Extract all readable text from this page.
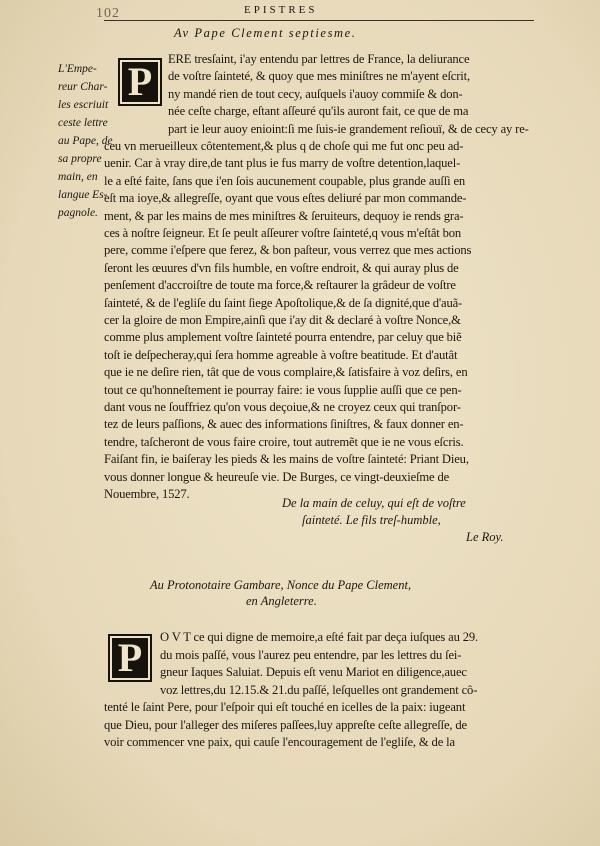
102	EPISTRES
Av Pape Clement septiesme.
L'Empe-
reur Char-
les escriuit
ceste lettre
au Pape, de
sa propre
main, en
langue Es-
pagnole.
P	ERE tresſaint, i'ay entendu par lettres de France, la deliurance
de voſtre ſainteté, & quoy que mes miniſtres ne m'ayent eſcrit,
ny mandé rien de tout cecy, auſquels i'auoy commiſe & don-
née ceſte charge, eſtant aſſeuré qu'ils auront fait, ce que de ma
part ie leur auoy enioint:ſi me ſuis-ie grandement reſiouï, & de cecy ay re-
ceu vn merueilleux côtentement,& plus q de choſe qui me fut onc peu ad-
uenir. Car à vray dire,de tant plus ie fus marry de voſtre detention,laquel-
le a eſté faite, ſans que i'en ſois aucunement coupable, plus grande auſſi en
eſt ma ioye,& allegreſſe, oyant que vous eſtes deliuré par mon commande-
ment, & par les mains de mes miniſtres & ſeruiteurs, dequoy ie rends gra-
ces à noſtre ſeigneur. Et ſe peult aſſeurer voſtre ſainteté,q vous m'eſtât bon
pere, comme i'eſpere que ferez, & bon paſteur, vous verrez que mes actions
ſeront les œuures d'vn fils humble, en voſtre endroit, & qui auray plus de
penſement d'accroiſtre de toute ma force,& reſtaurer la grâdeur de voſtre
ſainteté, & de l'egliſe du ſaint ſiege Apoſtolique,& de ſa dignité,que d'auã-
cer la gloire de mon Empire,ainſi que i'ay dit & declaré à voſtre Nonce,&
comme plus amplement voſtre ſainteté pourra entendre, par celuy que biẽ
toſt ie deſpecheray,qui ſera homme agreable à voſtre beatitude. Et d'autât
que ie ne deſire rien, tât que de vous complaire,& ſatisfaire à voz deſirs, en
tout ce qu'honneſtement ie pourray faire: ie vous ſupplie auſſi que ce pen-
dant vous ne ſouffriez qu'on vous deçoiue,& ne croyez ceux qui tranſpor-
tez de leurs paſſions, & auec des informations ſiniſtres, & faux donner en-
tendre, taſcheront de vous faire croire, tout autremẽt que ie ne vous eſcris.
Faiſant fin, ie baiſeray les pieds & les mains de voſtre ſainteté: Priant Dieu,
vous donner longue & heureuſe vie. De Burges, ce vingt-deuxieſme de
Nouembre, 1527.
De la main de celuy, qui eſt de voſtre
ſainteté. Le fils treſ-humble,
Le Roy.
Au Protonotaire Gambare, Nonce du Pape Clement,
en Angleterre.
P	O V T ce qui digne de memoire,a eſté fait par deça iuſques au 29.
du mois paſſé, vous l'aurez peu entendre, par les lettres du ſei-
gneur Iaques Saluiat. Depuis eſt venu Mariot en diligence,auec
voz lettres,du 12.15.& 21.du paſſé, leſquelles ont grandement cô-
tenté le ſaint Pere, pour l'eſpoir qui eſt touché en icelles de la paix: iugeant
que Dieu, pour l'alleger des miſeres paſſees,luy appreſte ceſte allegreſſe, de
voir commencer vne paix, qui cauſe l'encouragement de l'egliſe, & de la
